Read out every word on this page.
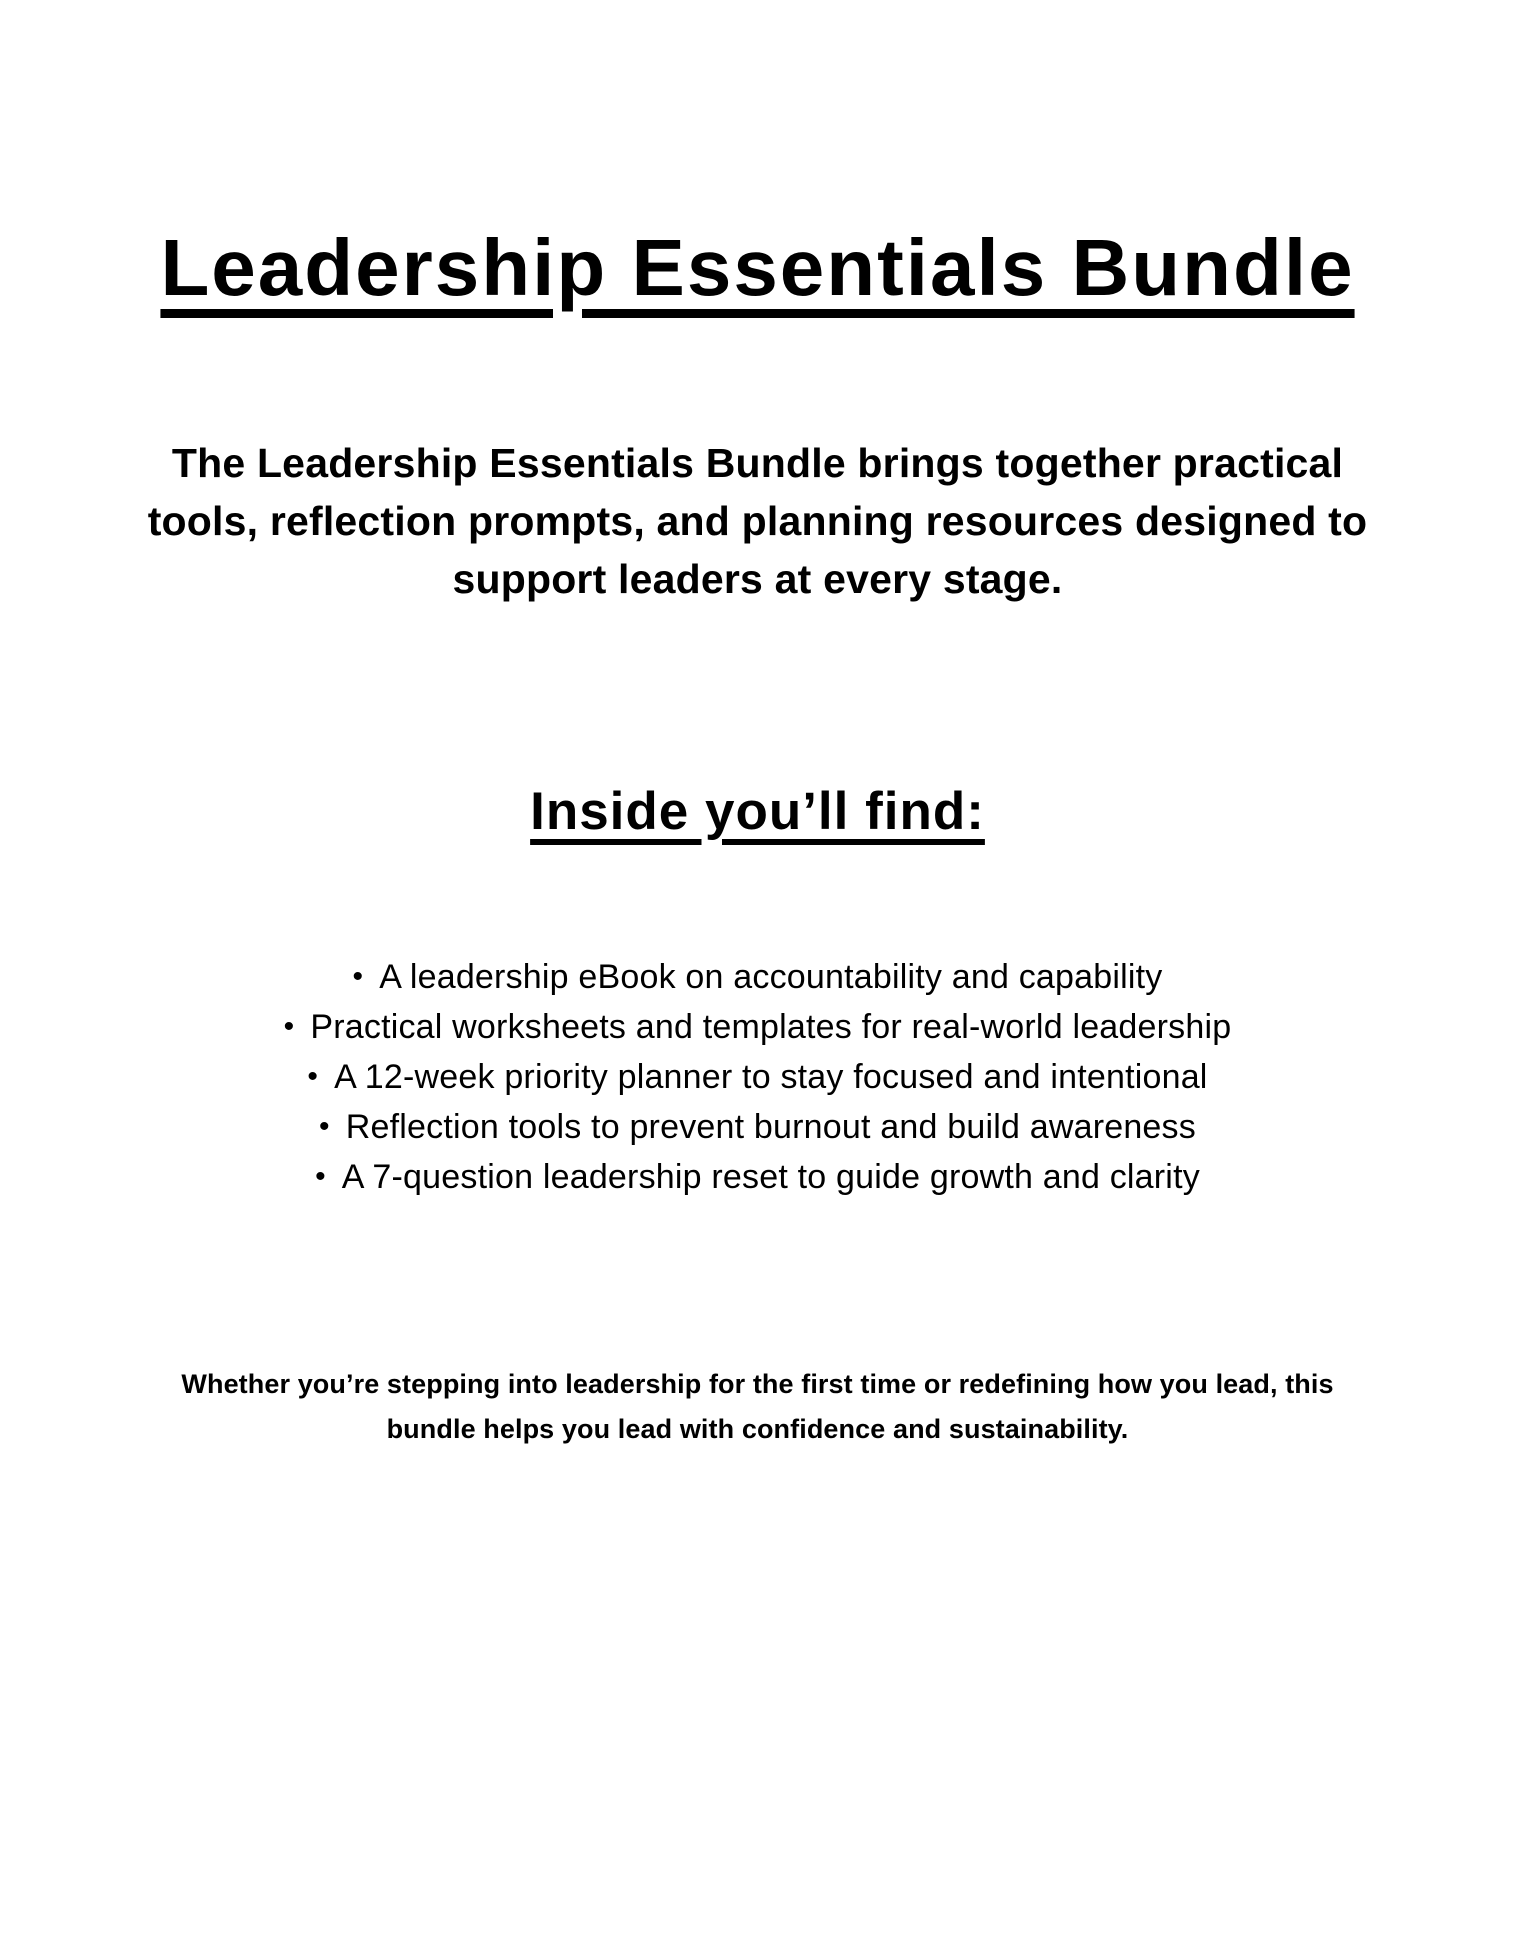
Leadership Essentials Bundle
The Leadership Essentials Bundle brings together practical
tools, reflection prompts, and planning resources designed to
support leaders at every stage.
Inside you’ll find:
• A leadership eBook on accountability and capability
• Practical worksheets and templates for real-world leadership
• A 12-week priority planner to stay focused and intentional
• Reflection tools to prevent burnout and build awareness
• A 7-question leadership reset to guide growth and clarity
Whether you’re stepping into leadership for the first time or redefining how you lead, this
bundle helps you lead with confidence and sustainability.
